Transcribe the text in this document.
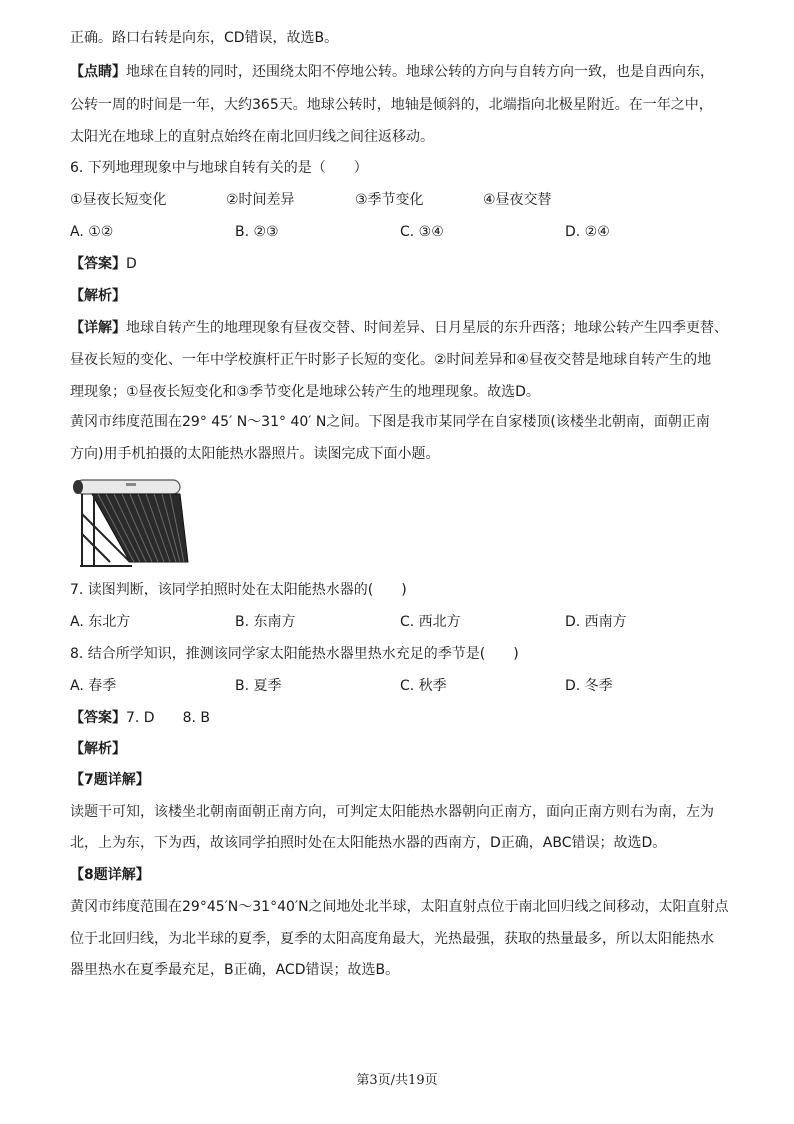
正确。路口右转是向东，CD错误，故选B。
【点睛】地球在自转的同时，还围绕太阳不停地公转。地球公转的方向与自转方向一致，也是自西向东，
公转一周的时间是一年，大约365天。地球公转时，地轴是倾斜的，北端指向北极星附近。在一年之中，
太阳光在地球上的直射点始终在南北回归线之间往返移动。
6. 下列地理现象中与地球自转有关的是（　　）
①昼夜长短变化	②时间差异	③季节变化	④昼夜交替
A. ①②	B. ②③	C. ③④	D. ②④
【答案】D
【解析】
【详解】地球自转产生的地理现象有昼夜交替、时间差异、日月星辰的东升西落；地球公转产生四季更替、
昼夜长短的变化、一年中学校旗杆正午时影子长短的变化。②时间差异和④昼夜交替是地球自转产生的地
理现象；①昼夜长短变化和③季节变化是地球公转产生的地理现象。故选D。
黄冈市纬度范围在29° 45′ N～31° 40′ N之间。下图是我市某同学在自家楼顶(该楼坐北朝南，面朝正南
方向)用手机拍摄的太阳能热水器照片。读图完成下面小题。
7. 读图判断，该同学拍照时处在太阳能热水器的(　　)
A. 东北方	B. 东南方	C. 西北方	D. 西南方
8. 结合所学知识，推测该同学家太阳能热水器里热水充足的季节是(　　)
A. 春季	B. 夏季	C. 秋季	D. 冬季
【答案】7. D　　8. B
【解析】
【7题详解】
读题干可知，该楼坐北朝南面朝正南方向，可判定太阳能热水器朝向正南方，面向正南方则右为南，左为
北，上为东，下为西，故该同学拍照时处在太阳能热水器的西南方，D正确，ABC错误；故选D。
【8题详解】
黄冈市纬度范围在29°45′N～31°40′N之间地处北半球，太阳直射点位于南北回归线之间移动，太阳直射点
位于北回归线，为北半球的夏季，夏季的太阳高度角最大，光热最强，获取的热量最多，所以太阳能热水
器里热水在夏季最充足，B正确，ACD错误；故选B。
第3页/共19页
